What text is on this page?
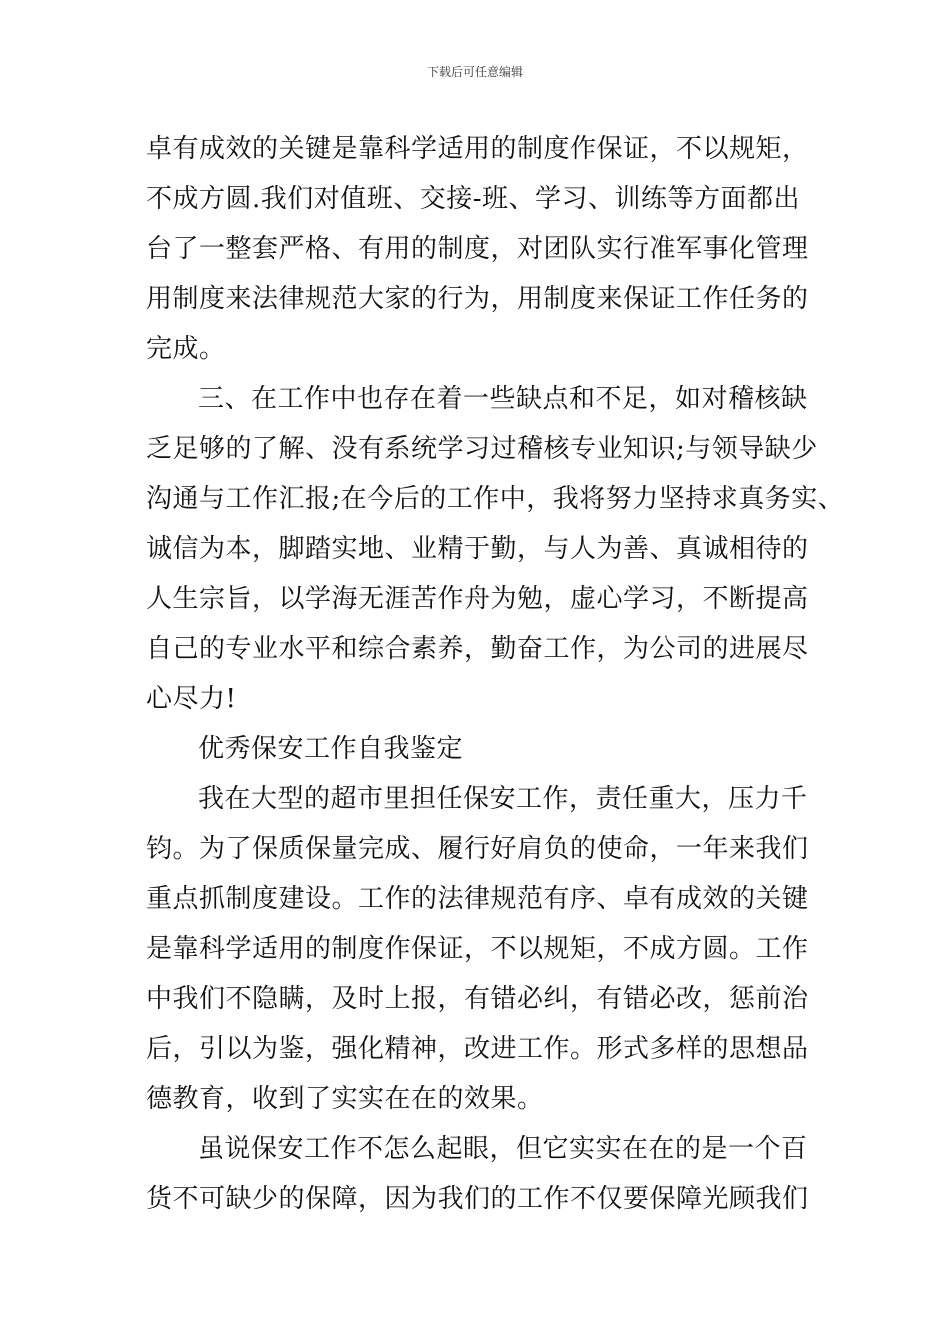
下载后可任意编辑
卓有成效的关键是靠科学适用的制度作保证，不以规矩，
不成方圆.我们对值班、交接-班、学习、训练等方面都出
台了一整套严格、有用的制度，对团队实行准军事化管理
用制度来法律规范大家的行为，用制度来保证工作任务的
完成。
三、在工作中也存在着一些缺点和不足，如对稽核缺
乏足够的了解、没有系统学习过稽核专业知识;与领导缺少
沟通与工作汇报;在今后的工作中，我将努力坚持求真务实、
诚信为本，脚踏实地、业精于勤，与人为善、真诚相待的
人生宗旨，以学海无涯苦作舟为勉，虚心学习，不断提高
自己的专业水平和综合素养，勤奋工作，为公司的进展尽
心尽力!
优秀保安工作自我鉴定
我在大型的超市里担任保安工作，责任重大，压力千
钧。为了保质保量完成、履行好肩负的使命，一年来我们
重点抓制度建设。工作的法律规范有序、卓有成效的关键
是靠科学适用的制度作保证，不以规矩，不成方圆。工作
中我们不隐瞒，及时上报，有错必纠，有错必改，惩前治
后，引以为鉴，强化精神，改进工作。形式多样的思想品
德教育，收到了实实在在的效果。
虽说保安工作不怎么起眼，但它实实在在的是一个百
货不可缺少的保障，因为我们的工作不仅要保障光顾我们
